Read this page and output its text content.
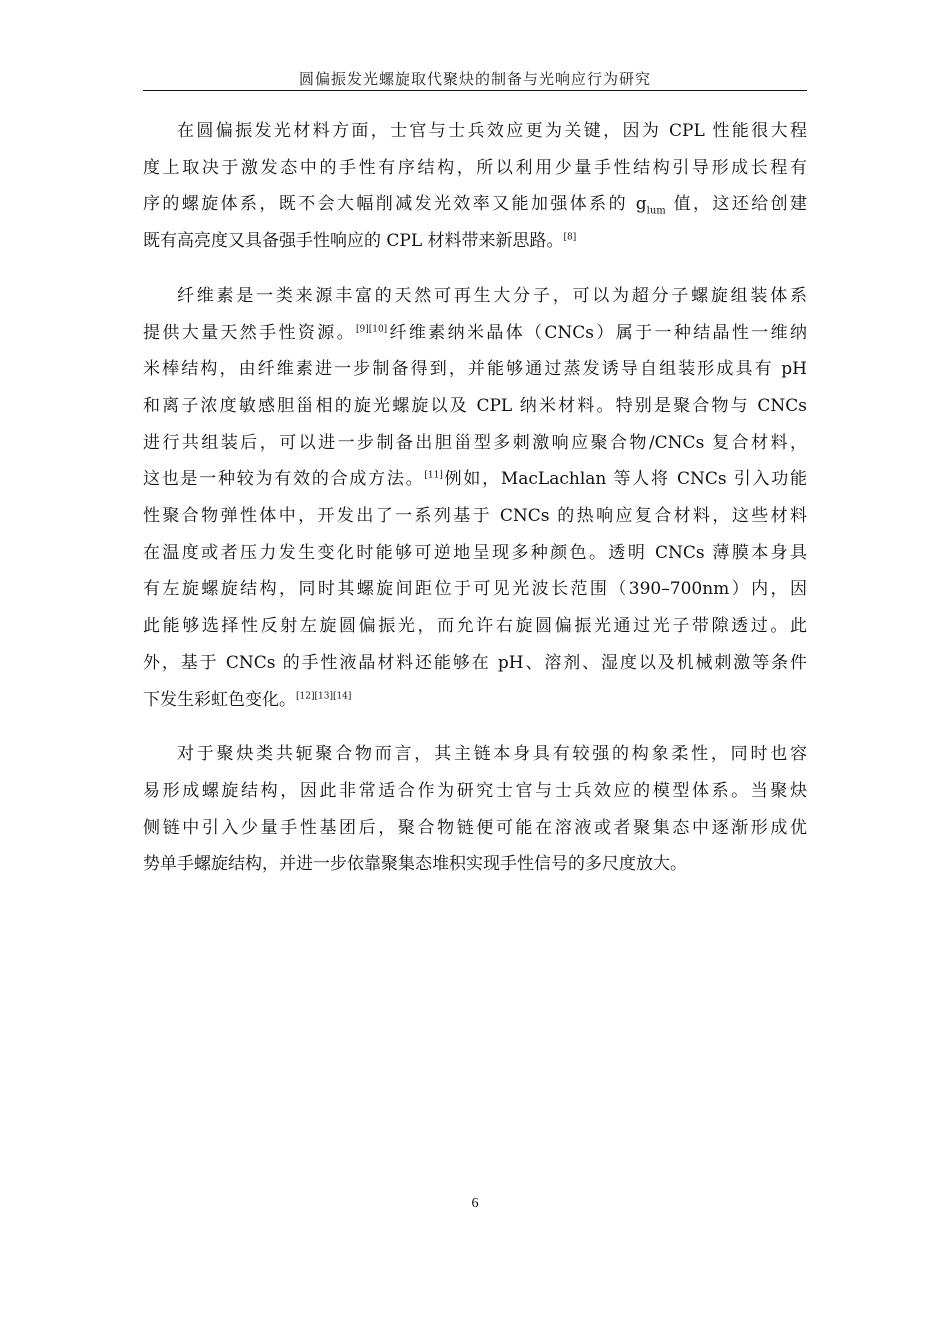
圆偏振发光螺旋取代聚炔的制备与光响应行为研究
在圆偏振发光材料方面，士官与士兵效应更为关键，因为 CPL 性能很大程
度上取决于激发态中的手性有序结构，所以利用少量手性结构引导形成长程有
序的螺旋体系，既不会大幅削减发光效率又能加强体系的 $g_{lum}$ 值，这还给创建
既有高亮度又具备强手性响应的 CPL 材料带来新思路。[8]
纤维素是一类来源丰富的天然可再生大分子，可以为超分子螺旋组装体系
提供大量天然手性资源。[9][10]纤维素纳米晶体（CNCs）属于一种结晶性一维纳
米棒结构，由纤维素进一步制备得到，并能够通过蒸发诱导自组装形成具有 pH
和离子浓度敏感胆甾相的旋光螺旋以及 CPL 纳米材料。特别是聚合物与 CNCs
进行共组装后，可以进一步制备出胆甾型多刺激响应聚合物/CNCs 复合材料，
这也是一种较为有效的合成方法。[11]例如，MacLachlan 等人将 CNCs 引入功能
性聚合物弹性体中，开发出了一系列基于 CNCs 的热响应复合材料，这些材料
在温度或者压力发生变化时能够可逆地呈现多种颜色。透明 CNCs 薄膜本身具
有左旋螺旋结构，同时其螺旋间距位于可见光波长范围（390–700nm）内，因
此能够选择性反射左旋圆偏振光，而允许右旋圆偏振光通过光子带隙透过。此
外，基于 CNCs 的手性液晶材料还能够在 pH、溶剂、湿度以及机械刺激等条件
下发生彩虹色变化。[12][13][14]
对于聚炔类共轭聚合物而言，其主链本身具有较强的构象柔性，同时也容
易形成螺旋结构，因此非常适合作为研究士官与士兵效应的模型体系。当聚炔
侧链中引入少量手性基团后，聚合物链便可能在溶液或者聚集态中逐渐形成优
势单手螺旋结构，并进一步依靠聚集态堆积实现手性信号的多尺度放大。
6
